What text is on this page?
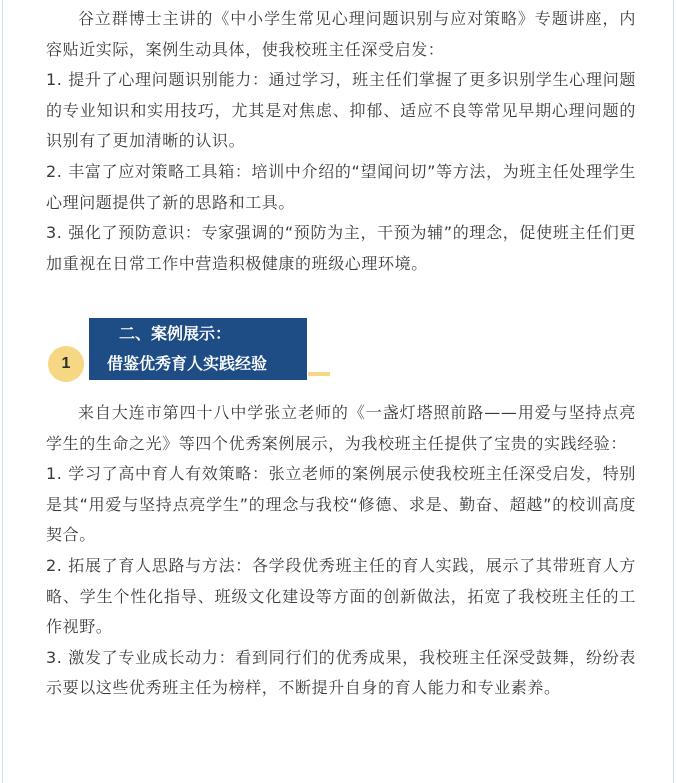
谷立群博士主讲的《中小学生常见心理问题识别与应对策略》专题讲座，内容贴近实际，案例生动具体，使我校班主任深受启发：

1. 提升了心理问题识别能力：通过学习，班主任们掌握了更多识别学生心理问题的专业知识和实用技巧，尤其是对焦虑、抑郁、适应不良等常见早期心理问题的识别有了更加清晰的认识。

2. 丰富了应对策略工具箱：培训中介绍的“望闻问切”等方法，为班主任处理学生心理问题提供了新的思路和工具。

3. 强化了预防意识：专家强调的“预防为主，干预为辅”的理念，促使班主任们更加重视在日常工作中营造积极健康的班级心理环境。

1
二、案例展示：
借鉴优秀育人实践经验

来自大连市第四十八中学张立老师的《一盏灯塔照前路——用爱与坚持点亮学生的生命之光》等四个优秀案例展示，为我校班主任提供了宝贵的实践经验：

1. 学习了高中育人有效策略：张立老师的案例展示使我校班主任深受启发，特别是其“用爱与坚持点亮学生”的理念与我校“修德、求是、勤奋、超越”的校训高度契合。

2. 拓展了育人思路与方法：各学段优秀班主任的育人实践，展示了其带班育人方略、学生个性化指导、班级文化建设等方面的创新做法，拓宽了我校班主任的工作视野。

3. 激发了专业成长动力：看到同行们的优秀成果，我校班主任深受鼓舞，纷纷表示要以这些优秀班主任为榜样，不断提升自身的育人能力和专业素养。
